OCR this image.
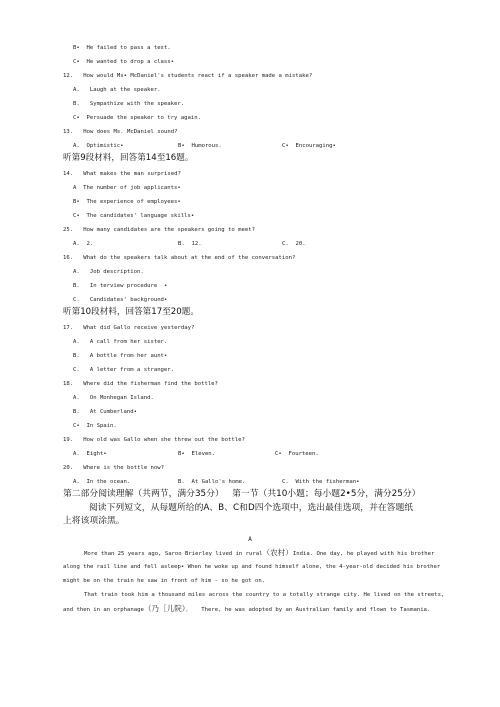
B•  He failed to pass a test.
C•  He wanted to drop a class•
12.   How would Ms• McDaniel's students react if a speaker made a mistake?
A.   Laugh at the speaker.
B.   Sympathize with the speaker.
C•  Persuade the speaker to try again.
13.   How does Ms. McDaniel sound?
A.  Optimistic•	B•  Humorous.	C•  Encouraging•
听第9段材料，回答第14至16题。
14.   What makes the man surprised?
A  The number of job applicants•
B•  The experience of employees•
C•  The candidates' language skills•
25.   How many candidates are the speakers going to meet?
A.  2.	B.  12.	C.  20.
16.   What do the speakers talk about at the end of the conversation?
A.   Job description.
B.   In terview procedure  •
C.   Candidates' background•
听第10段材料，回答第17至20题。
17.   What did Gallo receive yesterday?
A.   A call from her sister.
B.   A bottle from her aunt•
C.   A letter from a stranger.
18.   Where did the fisherman find the bottle?
A.   On Monhegan Island.
B.   At Cumberland•
C•  In Spain.
19.   How old was Gallo when she threw out the bottle?
A.  Eight•	B•  Eleven.	C•  Fourteen.
20.   Where is the bottle now?
A.  In the ocean.	B.  At Gallo's home.	C.  With the fisherman•
第二部分阅读理解（共两节，满分35分）   第一节（共10小题；每小题2•5分，满分25分）
阅读下列短文，从每题所给的A、B、C和D四个选项中，选出最佳选项，并在答题纸
上将该项涂黑。
A
More than 25 years ago, Saroo Brierley lived in rural（农村）India. One day, he played with his brother
along the rail line and fell asleep• When he woke up and found himself alone, the 4-year-old decided his brother
might be on the train he saw in front of him - so he got on.
That train took him a thousand miles across the country to a totally strange city. He lived on the streets,
and then in an orphanage（乃［儿院）。   There, he was adopted by an Australian family and flown to Tasmania.
